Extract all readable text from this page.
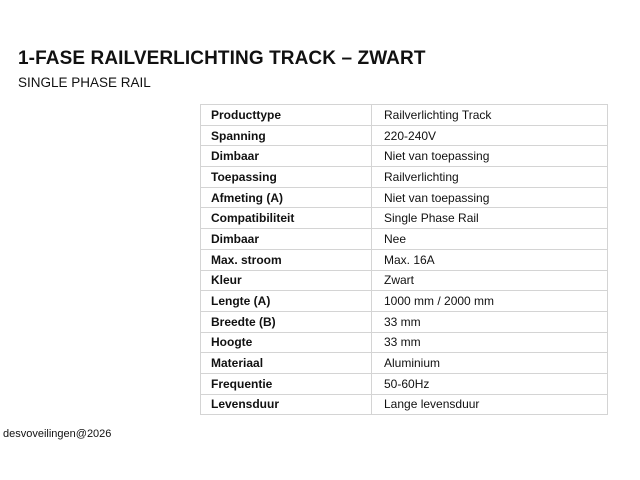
1-FASE RAILVERLICHTING TRACK – ZWART
SINGLE PHASE RAIL
Producttype	Railverlichting Track
Spanning	220-240V
Dimbaar	Niet van toepassing
Toepassing	Railverlichting
Afmeting (A)	Niet van toepassing
Compatibiliteit	Single Phase Rail
Dimbaar	Nee
Max. stroom	Max. 16A
Kleur	Zwart
Lengte (A)	1000 mm / 2000 mm
Breedte (B)	33 mm
Hoogte	33 mm
Materiaal	Aluminium
Frequentie	50-60Hz
Levensduur	Lange levensduur
desvoveilingen@2026
